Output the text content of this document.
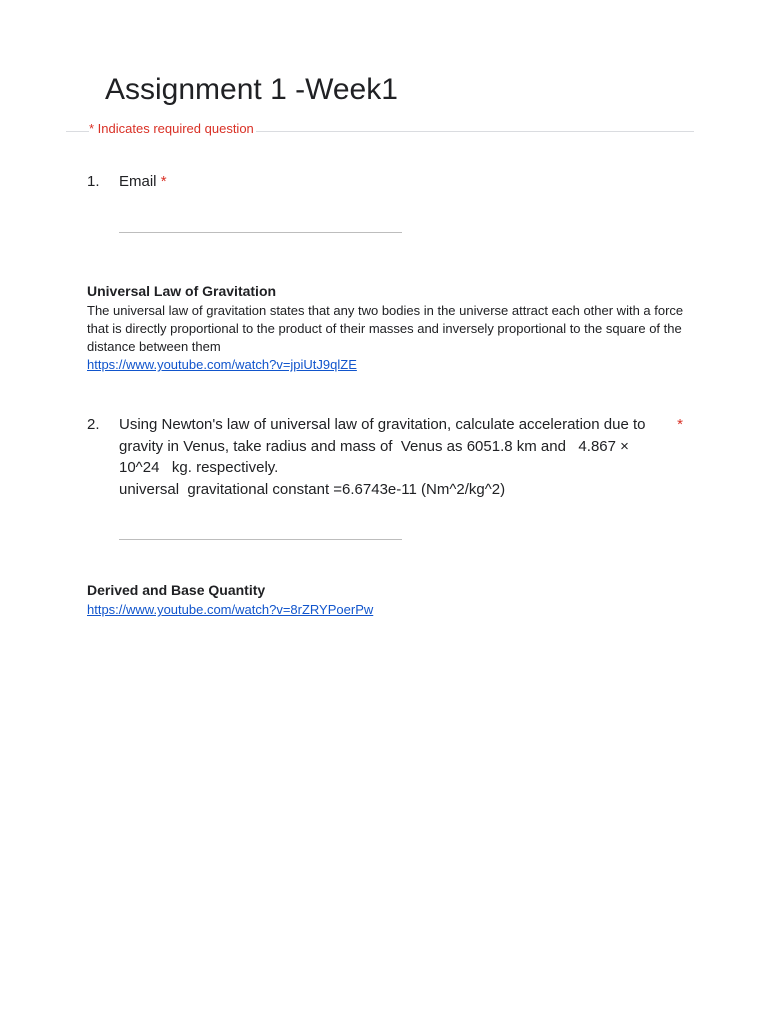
Assignment 1 -Week1
* Indicates required question
1. Email *
Universal Law of Gravitation

The universal law of gravitation states that any two bodies in the universe attract each other with a force that is directly proportional to the product of their masses and inversely proportional to the square of the distance between them

https://www.youtube.com/watch?v=jpiUtJ9qlZE
2. Using Newton's law of universal law of gravitation, calculate acceleration due to gravity in Venus, take radius and mass of  Venus as 6051.8 km and   4.867 × 10^24   kg. respectively.
universal  gravitational constant =6.6743e-11 (Nm^2/kg^2)
*
Derived and Base Quantity
https://www.youtube.com/watch?v=8rZRYPoerPw
